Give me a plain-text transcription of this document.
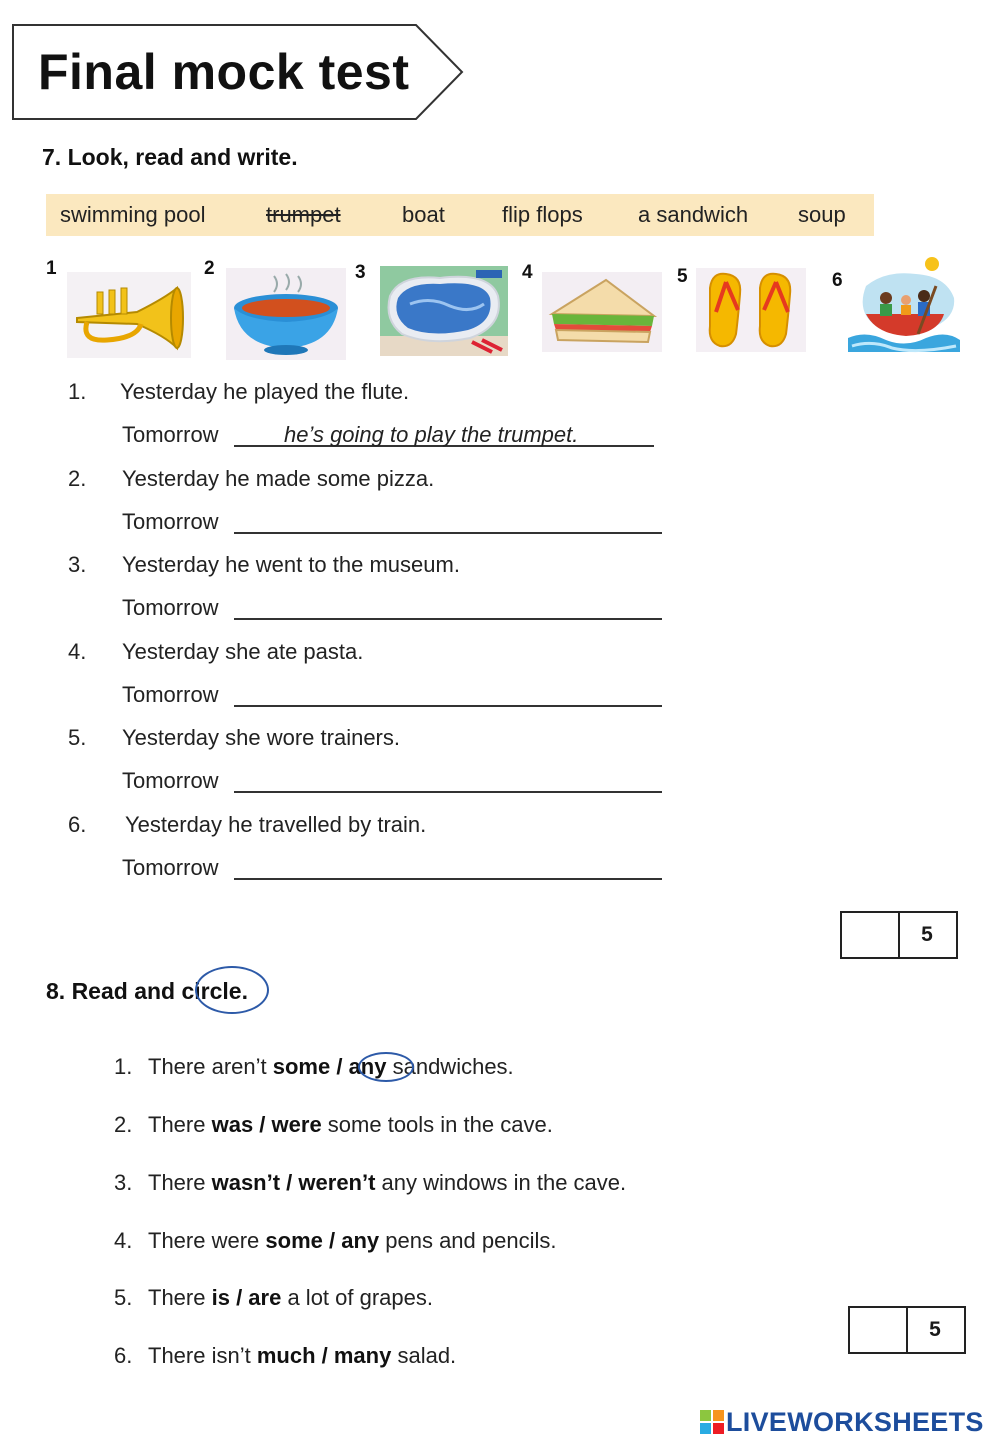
Final mock test
7. Look, read and write.
swimming pool	trumpet	boat	flip flops	a sandwich soup
1	2	3	4	5	6
1. Yesterday he played the flute.
Tomorrow	he’s going to play the trumpet.
2. Yesterday he made some pizza.
Tomorrow
3. Yesterday he went to the museum.
Tomorrow
4. Yesterday she ate pasta.
Tomorrow
5. Yesterday she wore trainers.
Tomorrow
6. Yesterday he travelled by train.
Tomorrow
5
8. Read and circle.
1. There aren’t some / any sandwiches.
2. There was / were some tools in the cave.
3. There wasn’t / weren’t any windows in the cave.
4. There were some / any pens and pencils.
5. There is / are a lot of grapes.
6. There isn’t much / many salad.
5
LIVEWORKSHEETS
